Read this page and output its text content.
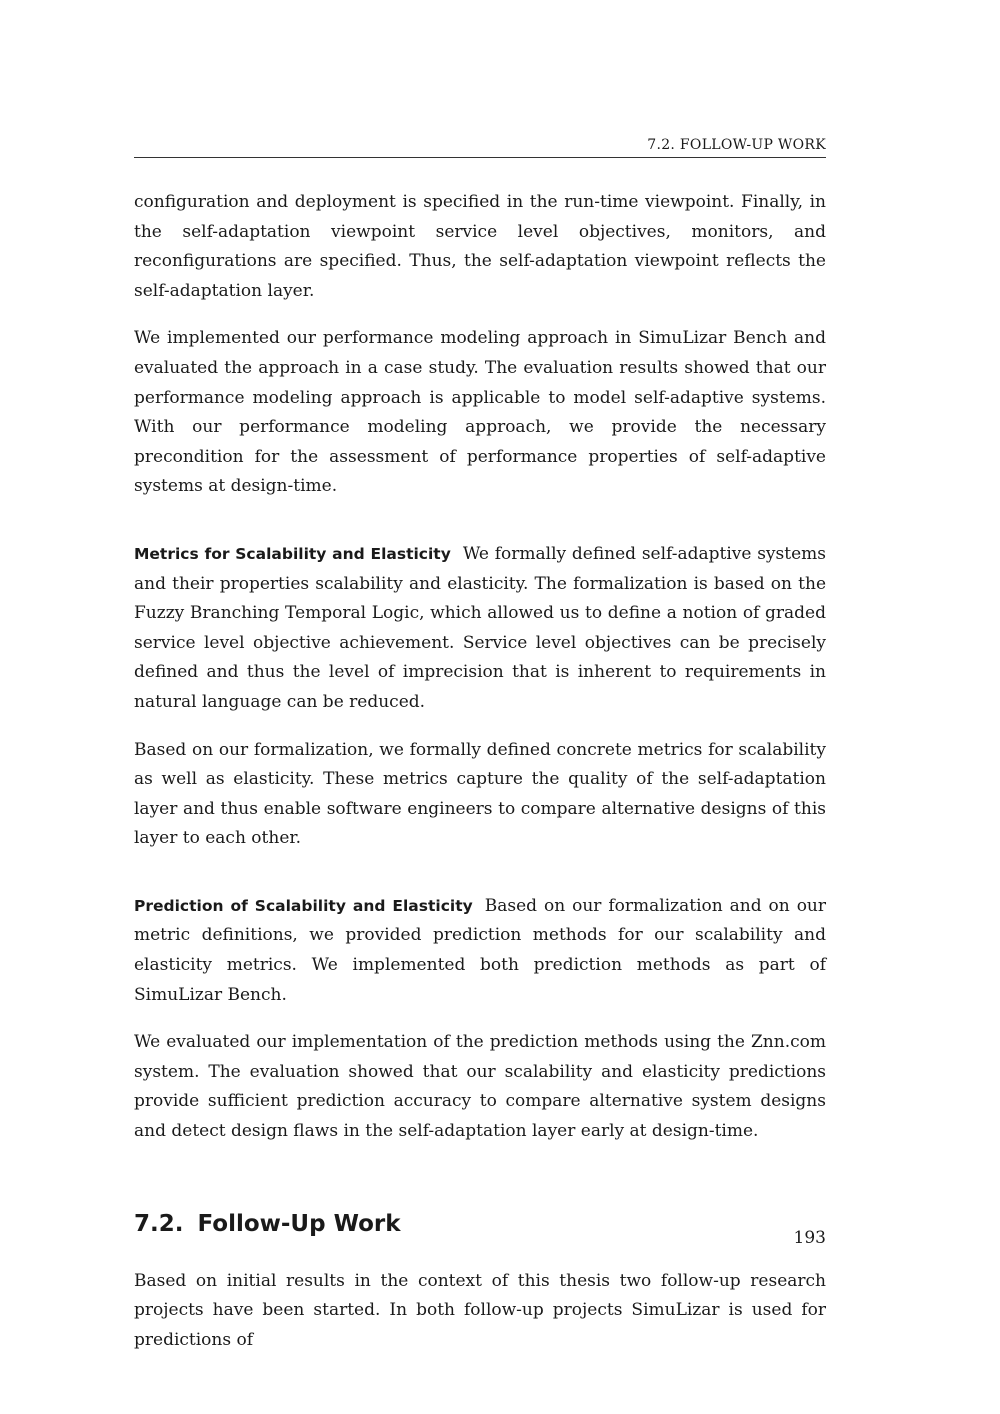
7.2. FOLLOW-UP WORK

configuration and deployment is specified in the run-time viewpoint. Finally, in the self-adaptation viewpoint service level objectives, monitors, and reconfigurations are specified. Thus, the self-adaptation viewpoint reflects the self-adaptation layer.

We implemented our performance modeling approach in SimuLizar Bench and evaluated the approach in a case study. The evaluation results showed that our performance modeling approach is applicable to model self-adaptive systems. With our performance modeling approach, we provide the necessary precondition for the assessment of performance properties of self-adaptive systems at design-time.

Metrics for Scalability and Elasticity We formally defined self-adaptive systems and their properties scalability and elasticity. The formalization is based on the Fuzzy Branching Temporal Logic, which allowed us to define a notion of graded service level objective achievement. Service level objectives can be precisely defined and thus the level of imprecision that is inherent to requirements in natural language can be reduced.

Based on our formalization, we formally defined concrete metrics for scalability as well as elasticity. These metrics capture the quality of the self-adaptation layer and thus enable software engineers to compare alternative designs of this layer to each other.

Prediction of Scalability and Elasticity Based on our formalization and on our metric definitions, we provided prediction methods for our scalability and elasticity metrics. We implemented both prediction methods as part of SimuLizar Bench.

We evaluated our implementation of the prediction methods using the Znn.com system. The evaluation showed that our scalability and elasticity predictions provide sufficient prediction accuracy to compare alternative system designs and detect design flaws in the self-adaptation layer early at design-time.

7.2. Follow-Up Work

Based on initial results in the context of this thesis two follow-up research projects have been started. In both follow-up projects SimuLizar is used for predictions of

193
